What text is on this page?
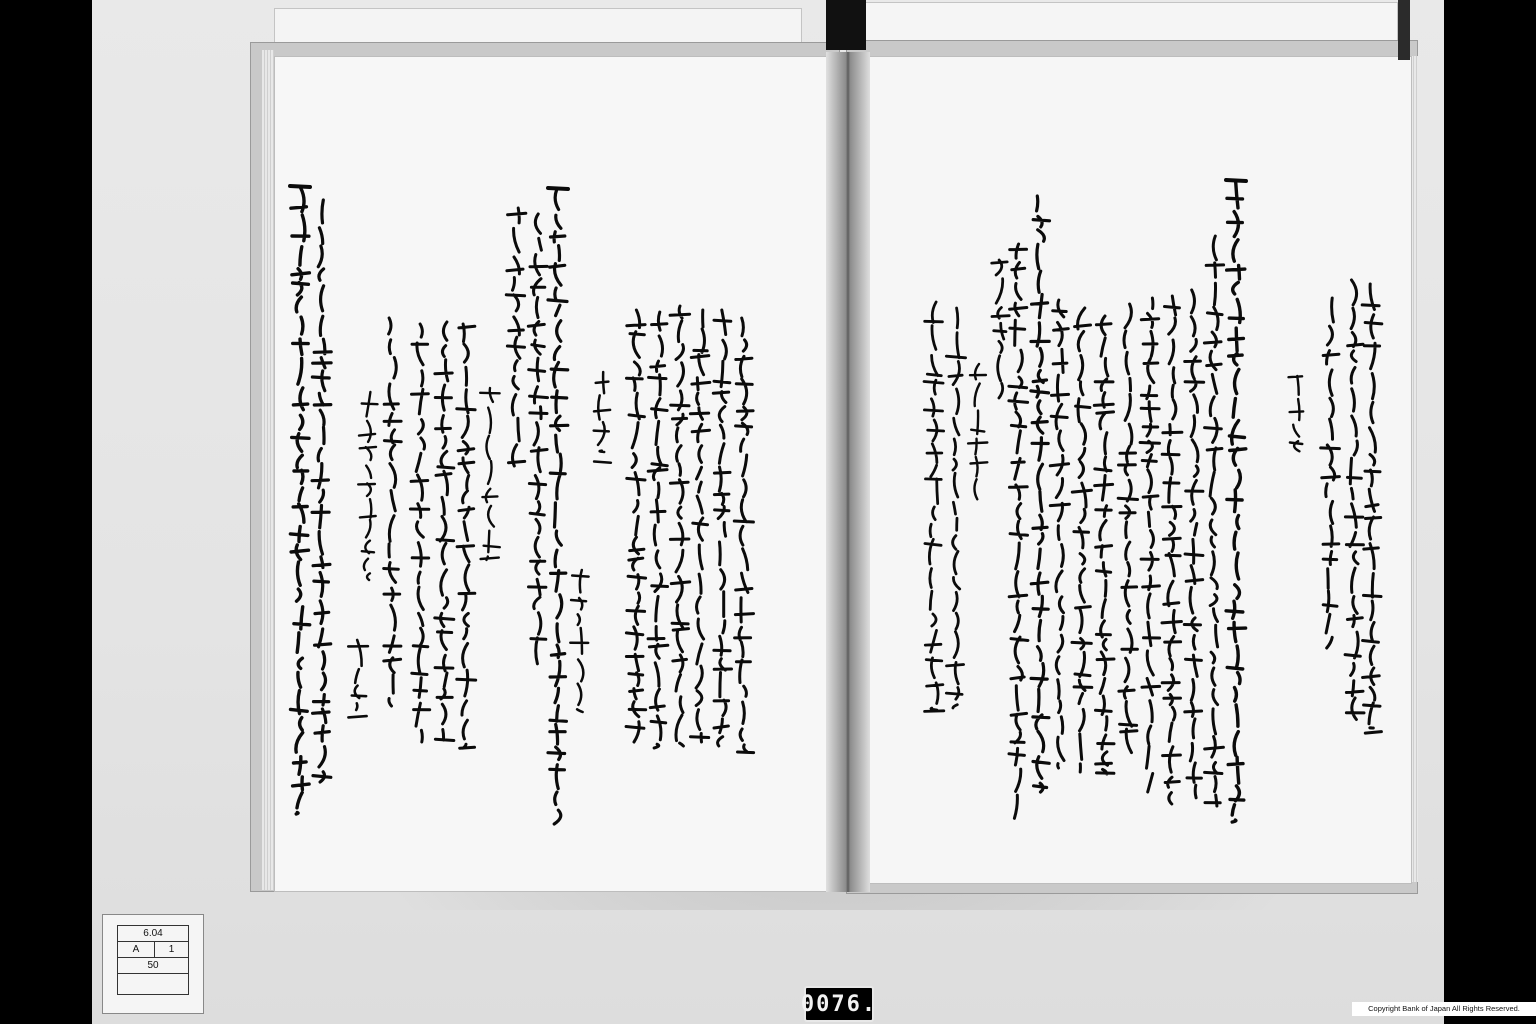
6.04
A	1
50

0076.	Copyright Bank of Japan All Rights Reserved.
